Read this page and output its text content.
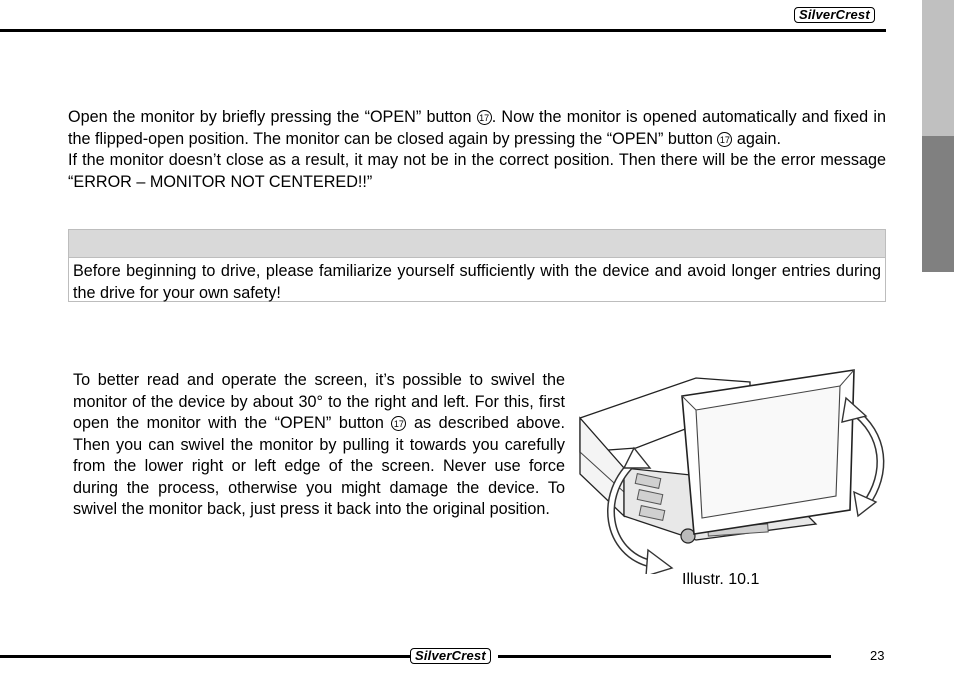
SilverCrest

Open the monitor by briefly pressing the “OPEN” button 17 . Now the monitor is opened automatically and fixed in the flipped-open position. The monitor can be closed again by pressing the “OPEN” button 17 again.

If the monitor doesn’t close as a result, it may not be in the correct position. Then there will be the error message “ERROR – MONITOR NOT CENTERED!!”

Before beginning to drive, please familiarize yourself sufficiently with the device and avoid longer entries during the drive for your own safety!

To better read and operate the screen, it’s possible to swivel the monitor of the device by about 30° to the right and left. For this, first open the monitor with the “OPEN” button 17 as described above. Then you can swivel the monitor by pulling it towards you carefully from the lower right or left edge of the screen. Never use force during the process, otherwise you might damage the device. To swivel the monitor back, just press it back into the original position.

Illustr. 10.1
SilverCrest	23
